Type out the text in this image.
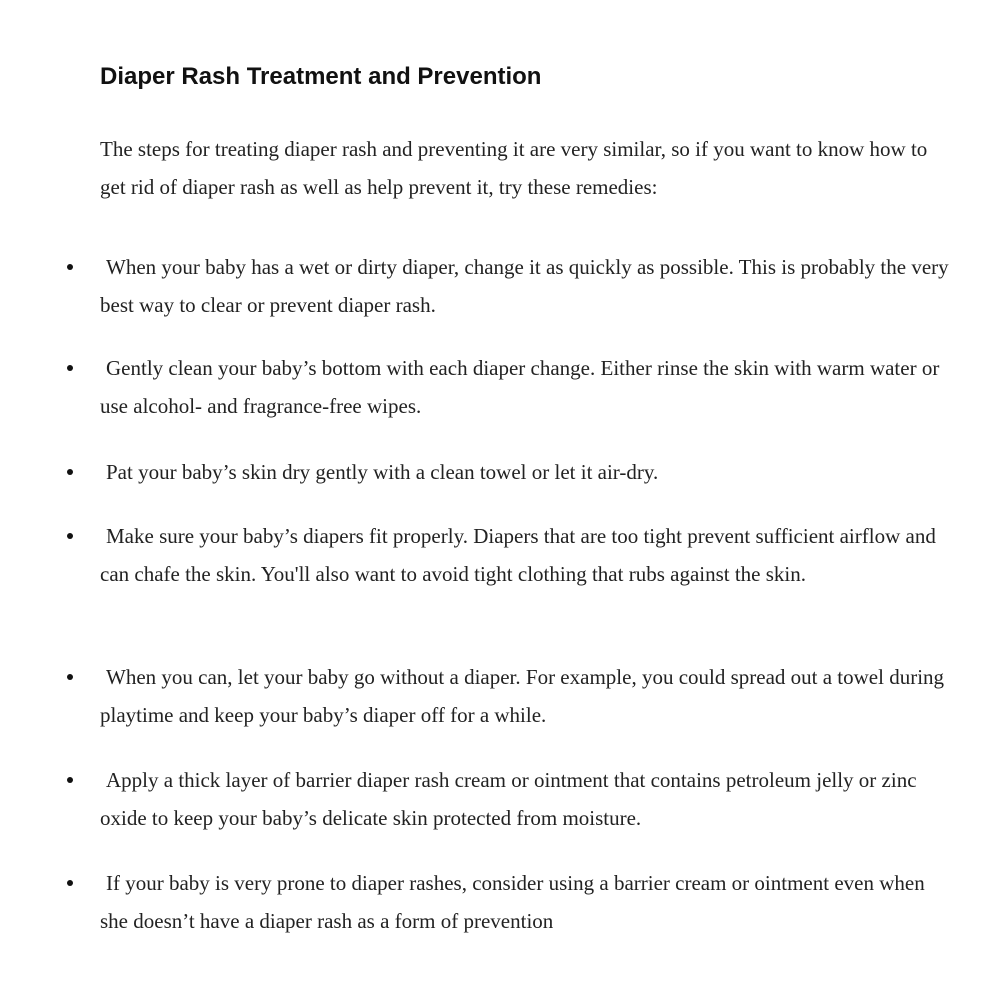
Diaper Rash Treatment and Prevention

The steps for treating diaper rash and preventing it are very similar, so if you want to know how to get rid of diaper rash as well as help prevent it, try these remedies:

When your baby has a wet or dirty diaper, change it as quickly as possible. This is probably the very best way to clear or prevent diaper rash.
Gently clean your baby’s bottom with each diaper change. Either rinse the skin with warm water or use alcohol- and fragrance-free wipes.
Pat your baby’s skin dry gently with a clean towel or let it air-dry.
Make sure your baby’s diapers fit properly. Diapers that are too tight prevent sufficient airflow and can chafe the skin. You'll also want to avoid tight clothing that rubs against the skin.
When you can, let your baby go without a diaper. For example, you could spread out a towel during playtime and keep your baby’s diaper off for a while.
Apply a thick layer of barrier diaper rash cream or ointment that contains petroleum jelly or zinc oxide to keep your baby’s delicate skin protected from moisture.
If your baby is very prone to diaper rashes, consider using a barrier cream or ointment even when she doesn’t have a diaper rash as a form of prevention
